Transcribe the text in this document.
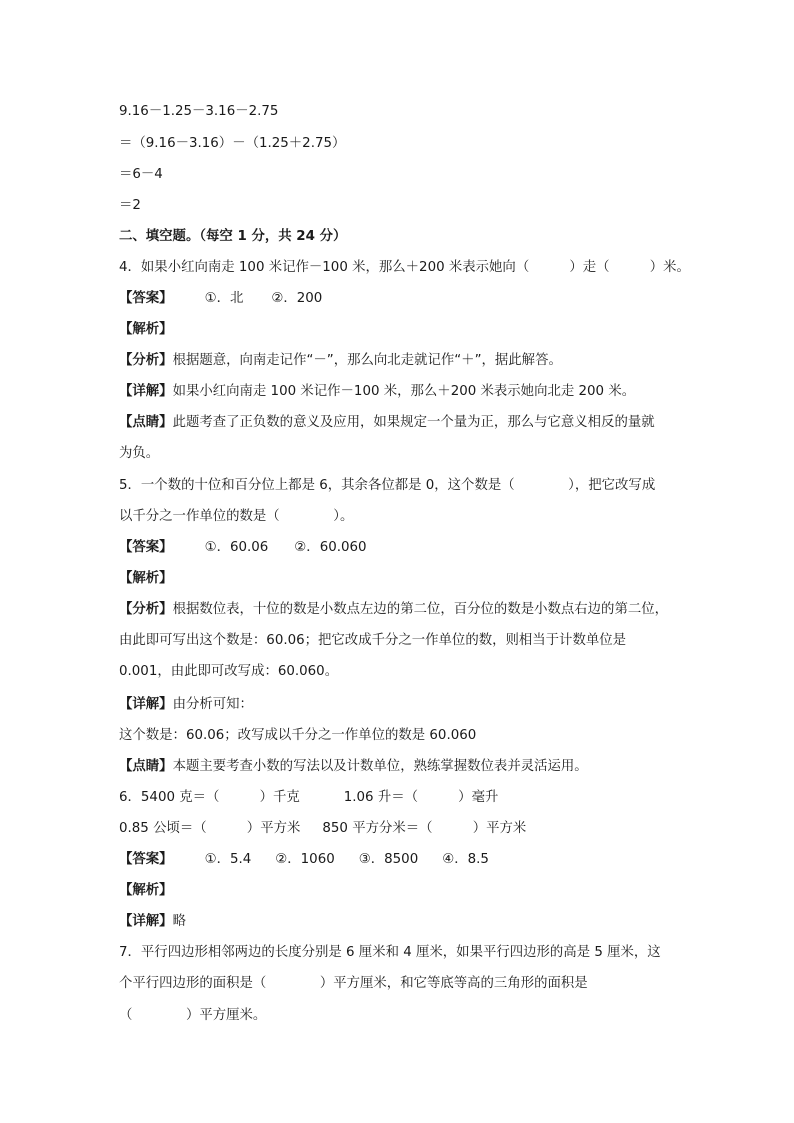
9.16－1.25－3.16－2.75
＝（9.16－3.16）－（1.25＋2.75）
＝6－4
＝2
二、填空题。（每空 1 分，共 24 分）
4．如果小红向南走 100 米记作－100 米，那么＋200 米表示她向（　　　）走（　　　）米。
【答案】 ①．北 ②．200
【解析】
【分析】根据题意，向南走记作“－”，那么向北走就记作“＋”，据此解答。
【详解】如果小红向南走 100 米记作－100 米，那么＋200 米表示她向北走 200 米。
【点睛】此题考查了正负数的意义及应用，如果规定一个量为正，那么与它意义相反的量就
为负。
5．一个数的十位和百分位上都是 6，其余各位都是 0，这个数是（　　　　），把它改写成
以千分之一作单位的数是（　　　　）。
【答案】 ①．60.06 ②．60.060
【解析】
【分析】根据数位表，十位的数是小数点左边的第二位，百分位的数是小数点右边的第二位，
由此即可写出这个数是：60.06；把它改成千分之一作单位的数，则相当于计数单位是
0.001，由此即可改写成：60.060。
【详解】由分析可知：
这个数是：60.06；改写成以千分之一作单位的数是 60.060
【点睛】本题主要考查小数的写法以及计数单位，熟练掌握数位表并灵活运用。
6．5400 克＝（　　　）千克	1.06 升＝（　　　）毫升
0.85 公顷＝（　　　）平方米 850 平方分米＝（　　　）平方米
【答案】 ①．5.4 ②．1060 ③．8500 ④．8.5
【解析】
【详解】略
7．平行四边形相邻两边的长度分别是 6 厘米和 4 厘米，如果平行四边形的高是 5 厘米，这
个平行四边形的面积是（　　　　）平方厘米，和它等底等高的三角形的面积是
（　　　　）平方厘米。
